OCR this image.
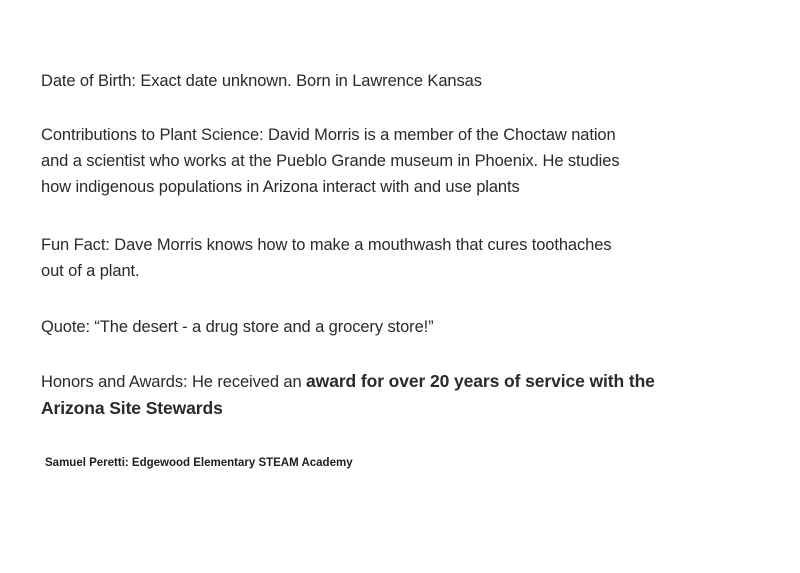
Date of Birth: Exact date unknown. Born in Lawrence Kansas
Contributions to Plant Science: David Morris is a member of the Choctaw nation
and a scientist who works at the Pueblo Grande museum in Phoenix. He studies
how indigenous populations in Arizona interact with and use plants
Fun Fact: Dave Morris knows how to make a mouthwash that cures toothaches
out of a plant.
Quote: “The desert - a drug store and a grocery store!”
Honors and Awards: He received an award for over 20 years of service with the
Arizona Site Stewards
Samuel Peretti: Edgewood Elementary STEAM Academy
